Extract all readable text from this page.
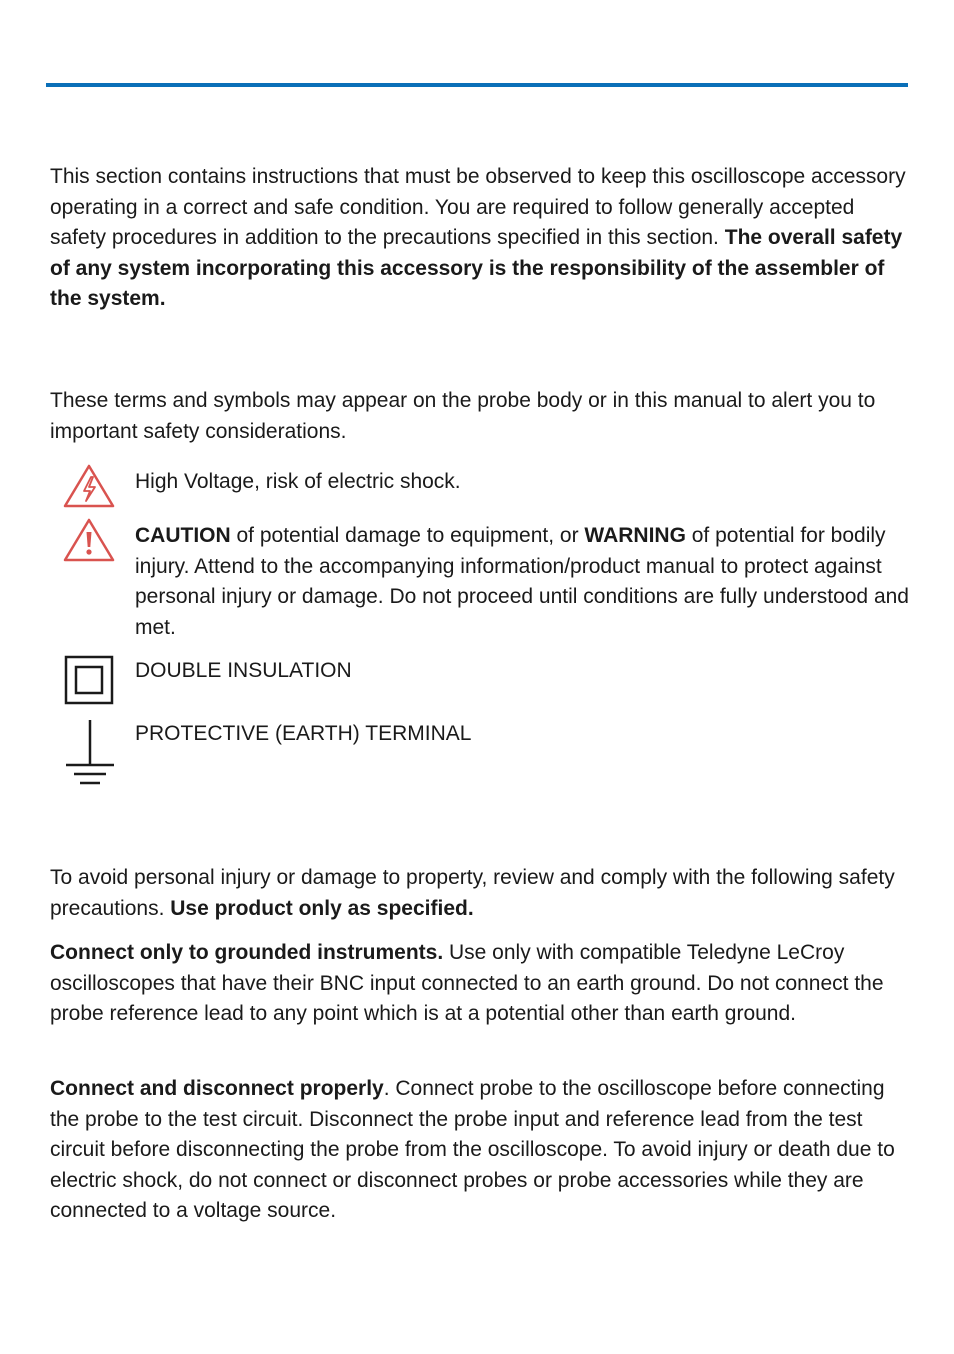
This section contains instructions that must be observed to keep this oscilloscope accessory operating in a correct and safe condition. You are required to follow generally accepted safety procedures in addition to the precautions specified in this section. The overall safety of any system incorporating this accessory is the responsibility of the assembler of the system.

These terms and symbols may appear on the probe body or in this manual to alert you to important safety considerations.

High Voltage, risk of electric shock.

CAUTION of potential damage to equipment, or WARNING of potential for bodily injury. Attend to the accompanying information/product manual to protect against personal injury or damage. Do not proceed until conditions are fully understood and met.

DOUBLE INSULATION

PROTECTIVE (EARTH) TERMINAL

To avoid personal injury or damage to property, review and comply with the following safety precautions. Use product only as specified.

Connect only to grounded instruments. Use only with compatible Teledyne LeCroy oscilloscopes that have their BNC input connected to an earth ground. Do not connect the probe reference lead to any point which is at a potential other than earth ground.

Connect and disconnect properly. Connect probe to the oscilloscope before connecting the probe to the test circuit. Disconnect the probe input and reference lead from the test circuit before disconnecting the probe from the oscilloscope. To avoid injury or death due to electric shock, do not connect or disconnect probes or probe accessories while they are connected to a voltage source.
